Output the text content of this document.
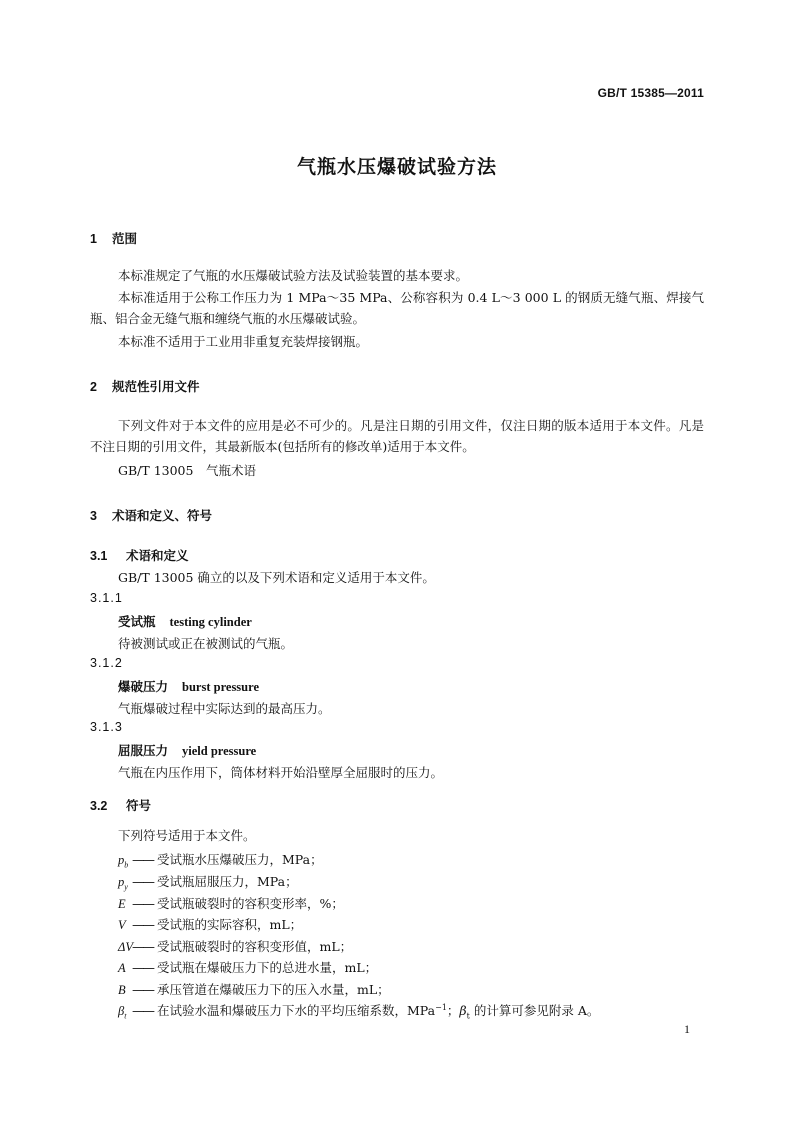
GB/T 15385—2011
气瓶水压爆破试验方法
1 范围
本标准规定了气瓶的水压爆破试验方法及试验装置的基本要求。
本标准适用于公称工作压力为 1 MPa～35 MPa、公称容积为 0.4 L～3 000 L 的钢质无缝气瓶、焊接气瓶、铝合金无缝气瓶和缠绕气瓶的水压爆破试验。
本标准不适用于工业用非重复充装焊接钢瓶。
2 规范性引用文件
下列文件对于本文件的应用是必不可少的。凡是注日期的引用文件，仅注日期的版本适用于本文件。凡是不注日期的引用文件，其最新版本(包括所有的修改单)适用于本文件。
GB/T 13005　气瓶术语
3 术语和定义、符号
3.1 术语和定义
GB/T 13005 确立的以及下列术语和定义适用于本文件。
3.1.1
受试瓶 testing cylinder
待被测试或正在被测试的气瓶。
3.1.2
爆破压力 burst pressure
气瓶爆破过程中实际达到的最高压力。
3.1.3
屈服压力 yield pressure
气瓶在内压作用下，筒体材料开始沿壁厚全屈服时的压力。
3.2 符号
下列符号适用于本文件。
$p_b$ —— 受试瓶水压爆破压力，MPa；
$p_y$ —— 受试瓶屈服压力，MPa；
E —— 受试瓶破裂时的容积变形率，%；
V —— 受试瓶的实际容积，mL；
ΔV—— 受试瓶破裂时的容积变形值，mL；
A —— 受试瓶在爆破压力下的总进水量，mL；
B —— 承压管道在爆破压力下的压入水量，mL；
$\beta_t$ —— 在试验水温和爆破压力下水的平均压缩系数，MPa$^{-1}$；$\beta_t$ 的计算可参见附录 A。
1
